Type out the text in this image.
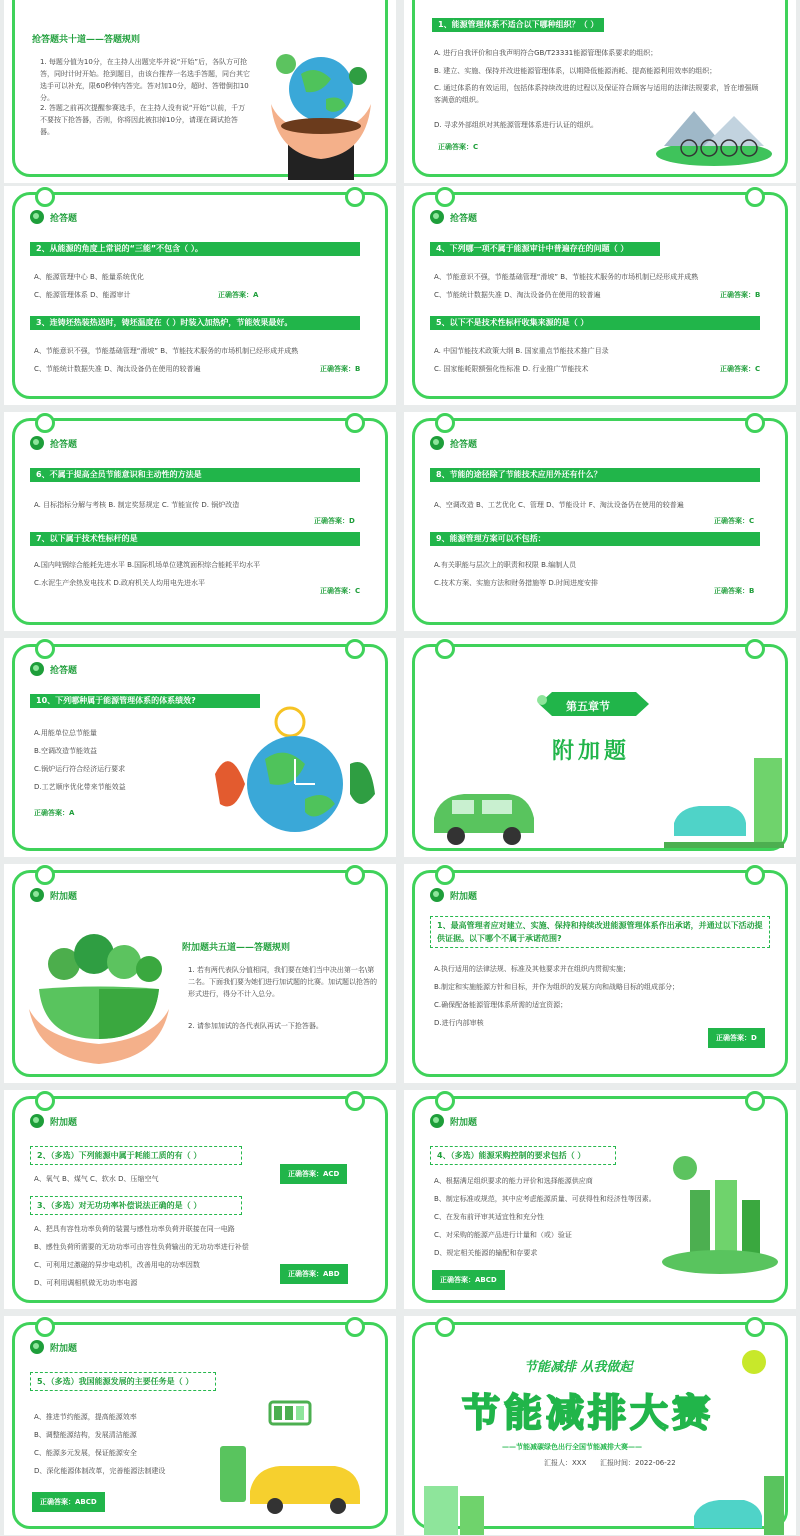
抢答题共十道——答题规则
1. 每题分值为10分，在主持人出题完毕并说“开始”后，各队方可抢答，同时计时开始。抢到题目，由该台推荐一名选手答题，同台其它选手可以补充，限60秒钟内答完。答对加10分，超时、答错倒扣10分。
2. 答题之前再次提醒参赛选手，在主持人没有说“开始”以前，千万不要按下抢答器，否则，你将因此被扣掉10分，请现在调试抢答器。
1、能源管理体系不适合以下哪种组织？（ ）
A. 进行自我评价和自我声明符合GB/T23331能源管理体系要求的组织；
B. 建立、实施、保持并改进能源管理体系，以期降低能源消耗、提高能源利用效率的组织；
C. 通过体系的有效运用，包括体系持续改进的过程以及保证符合顾客与适用的法律法规要求，旨在增强顾客满意的组织。
D. 寻求外部组织对其能源管理体系进行认证的组织。
正确答案：C
抢答题
2、从能源的角度上常说的“三能”不包含（ ）。
A、能源管理中心 B、能量系统优化
C、能源管理体系 D、能源审计	正确答案：A
3、连铸坯热装热送时，铸坯温度在（ ）时装入加热炉，节能效果最好。
A、节能意识不强，节能基础管理“滑坡” B、节能技术服务的市场机制已经形成并成熟
C、节能统计数据失准 D、淘汰设备仍在使用的较普遍	正确答案：B
抢答题
4、下列哪一项不属于能源审计中普遍存在的问题（ ）
A、节能意识不强，节能基础管理“滑坡” B、节能技术服务的市场机制已经形成并成熟
C、节能统计数据失准 D、淘汰设备仍在使用的较普遍	正确答案：B
5、以下不是技术性标杆收集来源的是（ ）
A. 中国节能技术政策大纲 B. 国家重点节能技术推广目录
C. 国家能耗限额强化性标准 D. 行业推广节能技术	正确答案：C
抢答题
6、不属于提高全员节能意识和主动性的方法是
A. 目标指标分解与考核 B. 制定奖惩规定 C. 节能宣传 D. 锅炉改造
正确答案：D
7、以下属于技术性标杆的是
A.国内吨钢综合能耗先进水平 B.国际机场单位建筑面积综合能耗平均水平
C.水泥生产余热发电技术 D.政府机关人均用电先进水平
正确答案：C
抢答题
8、节能的途径除了节能技术应用外还有什么？
A、空调改造 B、工艺优化 C、管理 D、节能设计 F、淘汰设备仍在使用的较普遍
正确答案：C
9、能源管理方案可以不包括：
A.有关职能与层次上的职责和权限 B.编制人员
C.技术方案、实施方法和财务措施等 D.时间进度安排
正确答案：B
抢答题
10、下列哪种属于能源管理体系的体系绩效?
A.用能单位总节能量
B.空调改造节能效益
C.锅炉运行符合经济运行要求
D.工艺顺序优化带来节能效益
正确答案：A
第五章节
附加题
附加题
附加题共五道——答题规则
1. 若有两代表队分值相同，我们要在她们当中决出第一名\第二名。下面我们要为她们进行加试题的比赛。加试题以抢答的形式进行，得分不计入总分。
2. 请参加加试的各代表队再试一下抢答器。
附加题
1、最高管理者应对建立、实施、保持和持续改进能源管理体系作出承诺，并通过以下活动提供证据。以下哪个不属于承诺范围?
A.执行适用的法律法规、标准及其他要求并在组织内贯彻实施；
B.制定和实施能源方针和目标，并作为组织的发展方向和战略目标的组成部分；
C.确保配备能源管理体系所需的适宜资源；
D.进行内部审核
正确答案：D
附加题
2、（多选）下列能源中属于耗能工质的有（ ）
A、氧气 B、煤气 C、软水 D、压缩空气
正确答案：ACD
3、（多选）对无功功率补偿说法正确的是（ ）
A、把具有容性功率负荷的装置与感性功率负荷并联接在同一电路
B、感性负荷所需要的无功功率可由容性负荷输出的无功功率进行补偿
C、可利用过激磁的异步电动机，改善用电的功率因数
D、可利用调相机做无功功率电源
正确答案：ABD
附加题
4、（多选）能源采购控制的要求包括（ ）
A、根据满足组织要求的能力评价和选择能源供应商
B、制定标准或规范，其中应考虑能源质量、可获得性和经济性等因素。
C、在发布前评审其适宜性和充分性
C、对采购的能源产品进行计量和（或）验证
D、规定相关能源的输配和存要求
正确答案：ABCD
附加题
5、（多选）我国能源发展的主要任务是（ ）
A、推进节约能源，提高能源效率
B、调整能源结构，发展清洁能源
C、能源多元发展，保证能源安全
D、深化能源体制改革，完善能源法制建设
正确答案：ABCD
节能减排 从我做起
节能减排大赛
——节能减碳绿色出行全国节能减排大赛——
汇报人：XXX 汇报时间：2022-06-22
